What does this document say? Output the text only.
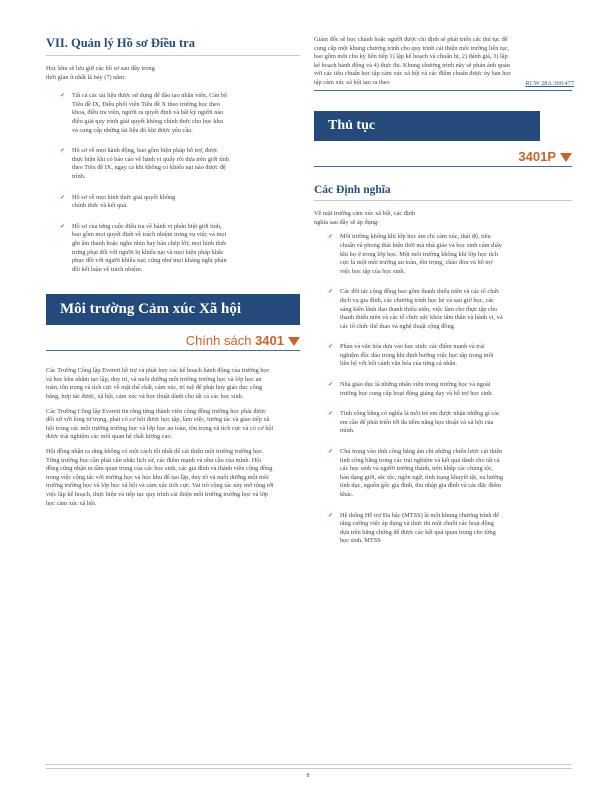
VII. Quản lý Hồ sơ Điều tra

Học khu sẽ lưu giữ các hồ sơ sau đây trong thời gian ít nhất là bảy (7) năm:

✔ Tất cả các tài liệu được sử dụng để đào tạo nhân viên, Cán bộ Tiêu đề IX, Điều phối viên Tiêu đề X theo trường học theo khoa, điều tra viên, người ra quyết định và bất kỳ người nào điều giải quy trình giải quyết không chính thức cho học khu và cung cấp những tài liệu đó khi được yêu cầu.
✔ Hồ sơ về mọi hành động, bao gồm biện pháp hỗ trợ, được thực hiện khi có báo cáo về hành vi quấy rối dựa trên giới tính theo Tiêu đề IX, ngay cả khi không có khiếu nại nào được đệ trình.
✔ Hồ sơ về mọi hình thức giải quyết không chính thức và kết quả.
✔ Hồ sơ của từng cuộc điều tra về hành vi phân biệt giới tính, bao gồm mọi quyết định về trách nhiệm trong vụ việc và mọi ghi âm thanh hoặc nghe nhìn hay bản chép lời; mọi hình thức trừng phạt đối với người bị khiếu nại và mọi biện pháp khắc phục đối với người khiếu nại; cũng như mọi kháng nghị phản đối kết luận về trách nhiệm.
Môi trường Cảm xúc Xã hội
Chính sách 3401

Các Trường Công lập Everett hỗ trợ và phát huy các kế hoạch hành động của trường học và học khu nhằm tạo lập, duy trì, và nuôi dưỡng môi trường trường học và lớp học an toàn, tôn trọng và tích cực về mặt thể chất, cảm xúc, trí tuệ để phát huy giáo dục công bằng, hợp tác được, xã hội, cảm xúc và học thuật dành cho tất cả các học sinh.

Các Trường Công lập Everett tin rằng từng thành viên cộng đồng trường học phải được đối xử với lòng tư trọng, phải có cơ hội được học tập, làm việc, tương tác và giao tiếp xã hội trong các môi trường trường học và lớp học an toàn, tôn trọng và tích cực và có cơ hội được trải nghiệm các mối quan hệ chất lượng cao.

Hội đồng nhận ra rằng không có một cách tốt nhất để cải thiện môi trường trường học. Từng trường học cần phải cân nhắc lịch sử, các điểm mạnh và nhu cầu của mình. Hội đồng cũng nhận ra tầm quan trọng của các học sinh, các gia đình và thành viên cộng đồng trong việc cộng tác với trường học và học khu để tạo lập, duy trì và nuôi dưỡng một môi trường trường học và lớp học xã hội và cảm xúc tích cực. Vai trò cộng tác này mở rộng tới việc lập kế hoạch, thực hiện và tiếp tục quy trình cải thiện môi trường trường học và lớp học cảm xúc xã hội.

Giám đốc sẽ học chánh hoặc người được chỉ định sẽ phát triển các thủ tục để cung cấp một khung chương trình cho quy trình cải thiện môi trường liên tục, bao gồm một chu kỳ liên tiếp 1) lập kế hoạch và chuẩn bị, 2) đánh giá, 3) lập kế hoạch hành động và 4) thực thi. Khung chương trình này sẽ phản ánh quản với các tiêu chuẩn học tập cảm xúc xã hội và các điểm chuẩn được ủy ban học tập cảm xúc xã hội tạo ra theo	RCW 28A.300.477
Thủ tục
3401P
Các Định nghĩa

Về mặt trường cảm xúc xã hội, các định nghĩa sau đây sẽ áp dụng:

✔ Môi trường không khí lớp học ám chỉ cảm xúc, thái độ, tiêu chuẩn và phong thái hiện thời mà nhà giáo và học sinh cảm thấy khi họ ở trong lớp học. Một môi trường không khí lớp học tích cực là một môi trường an toàn, tôn trọng, chào đón và hỗ trợ việc học tập của học sinh.
✔ Các đối tác cộng đồng bao gồm thanh thiếu niên và các tổ chức dịch vụ gia đình, các chương trình học hè và sau giờ học, các sáng kiến lãnh đạo thanh thiếu niên, việc làm cho thực tập cho thanh thiếu niên và các tổ chức sức khỏe tâm thần và hành vi, và các tổ chức thể thao và nghệ thuật cộng đồng.
✔ Phản và văn hóa dựa vào học sinh: các điểm mạnh và trải nghiệm độc đáo trong khi định hướng việc học tập trong mối liên hệ với bối cảnh văn hóa của từng cá nhân.
✔ Nhà giáo dục là những nhân viên trong trường học và ngoài trường học cung cấp hoạt động giảng dạy và hỗ trợ học sinh.
✔ Tính công bằng có nghĩa là mỗi trẻ em được nhận những gì các em cần để phát triển tới đa tiềm năng học thuật và xã hội của mình.
✔ Chủ trọng vào tính công bằng ám chỉ những chiến lược cải thiện tính công bằng trong các trải nghiệm và kết quả dành cho tất cả các học sinh và người trưởng thành, trên khắp các chủng tộc, bản dạng giới, sắc tộc, ngôn ngữ, tình trạng khuyết tật, xu hướng tính dục, nguồn gốc gia đình, thu nhập gia đình và các đặc điểm khác.
✔ Hệ thống Hỗ trợ Đa bậc (MTSS) là một khung chương trình để tăng cường việc áp dụng và thực thi một chuỗi các hoạt động dựa trên bằng chứng để được các kết quả quan trọng cho từng học sinh. MTSS
8
